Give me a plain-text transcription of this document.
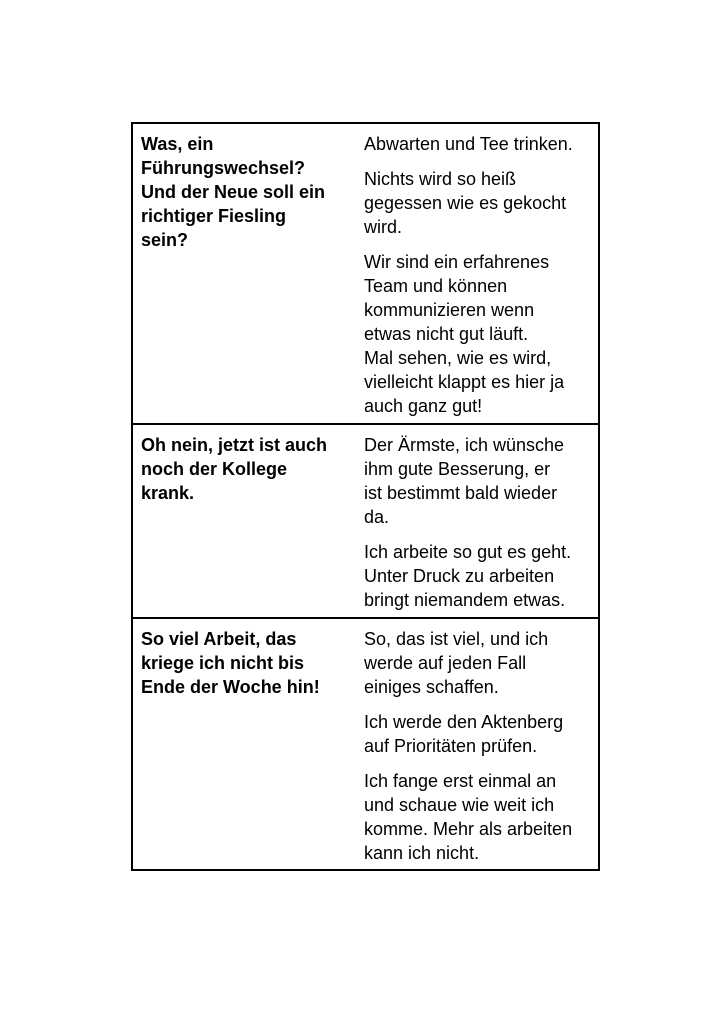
Was, ein
Führungswechsel?
Und der Neue soll ein
richtiger Fiesling
sein?

Abwarten und Tee trinken.

Nichts wird so heiß
gegessen wie es gekocht
wird.

Wir sind ein erfahrenes
Team und können
kommunizieren wenn
etwas nicht gut läuft.
Mal sehen, wie es wird,
vielleicht klappt es hier ja
auch ganz gut!

Oh nein, jetzt ist auch
noch der Kollege
krank.

Der Ärmste, ich wünsche
ihm gute Besserung, er
ist bestimmt bald wieder
da.

Ich arbeite so gut es geht.
Unter Druck zu arbeiten
bringt niemandem etwas.

So viel Arbeit, das
kriege ich nicht bis
Ende der Woche hin!

So, das ist viel, und ich
werde auf jeden Fall
einiges schaffen.

Ich werde den Aktenberg
auf Prioritäten prüfen.

Ich fange erst einmal an
und schaue wie weit ich
komme. Mehr als arbeiten
kann ich nicht.
